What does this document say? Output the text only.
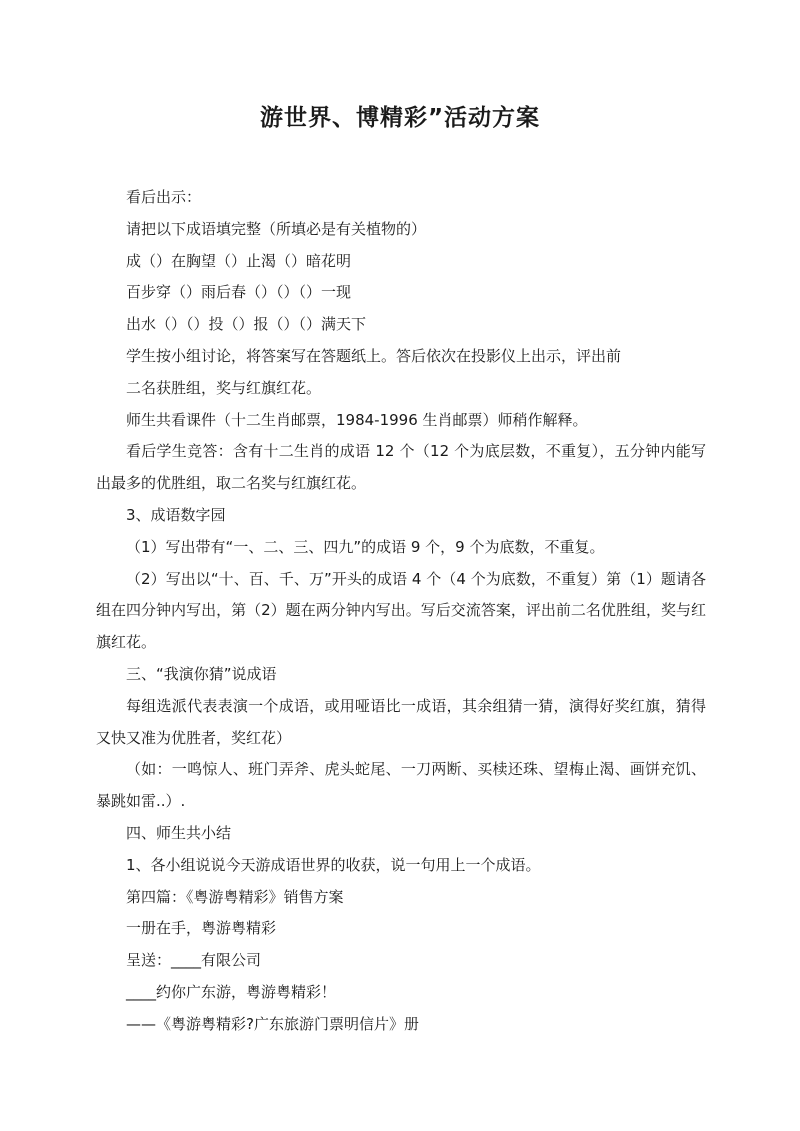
游世界、博精彩”活动方案

看后出示：

请把以下成语填完整（所填必是有关植物的）

成（）在胸望（）止渴（）暗花明

百步穿（）雨后春（）（）（）一现

出水（）（）投（）报（）（）满天下

学生按小组讨论，将答案写在答题纸上。答后依次在投影仪上出示，评出前

二名获胜组，奖与红旗红花。

师生共看课件（十二生肖邮票，1984-1996 生肖邮票）师稍作解释。

看后学生竞答：含有十二生肖的成语 12 个（12 个为底层数，不重复），五分钟内能写出最多的优胜组，取二名奖与红旗红花。

3、成语数字园

（1）写出带有“一、二、三、四九”的成语 9 个，9 个为底数，不重复。

（2）写出以“十、百、千、万”开头的成语 4 个（4 个为底数，不重复）第（1）题请各组在四分钟内写出，第（2）题在两分钟内写出。写后交流答案，评出前二名优胜组，奖与红旗红花。

三、“我演你猜”说成语

每组选派代表表演一个成语，或用哑语比一成语，其余组猜一猜，演得好奖红旗，猜得又快又准为优胜者，奖红花）

（如：一鸣惊人、班门弄斧、虎头蛇尾、一刀两断、买椟还珠、望梅止渴、画饼充饥、暴跳如雷..）.

四、师生共小结

1、各小组说说今天游成语世界的收获，说一句用上一个成语。

第四篇：《粤游粤精彩》销售方案

一册在手，粤游粤精彩

呈送：____有限公司

____约你广东游，粤游粤精彩！

——《粤游粤精彩?广东旅游门票明信片》册
